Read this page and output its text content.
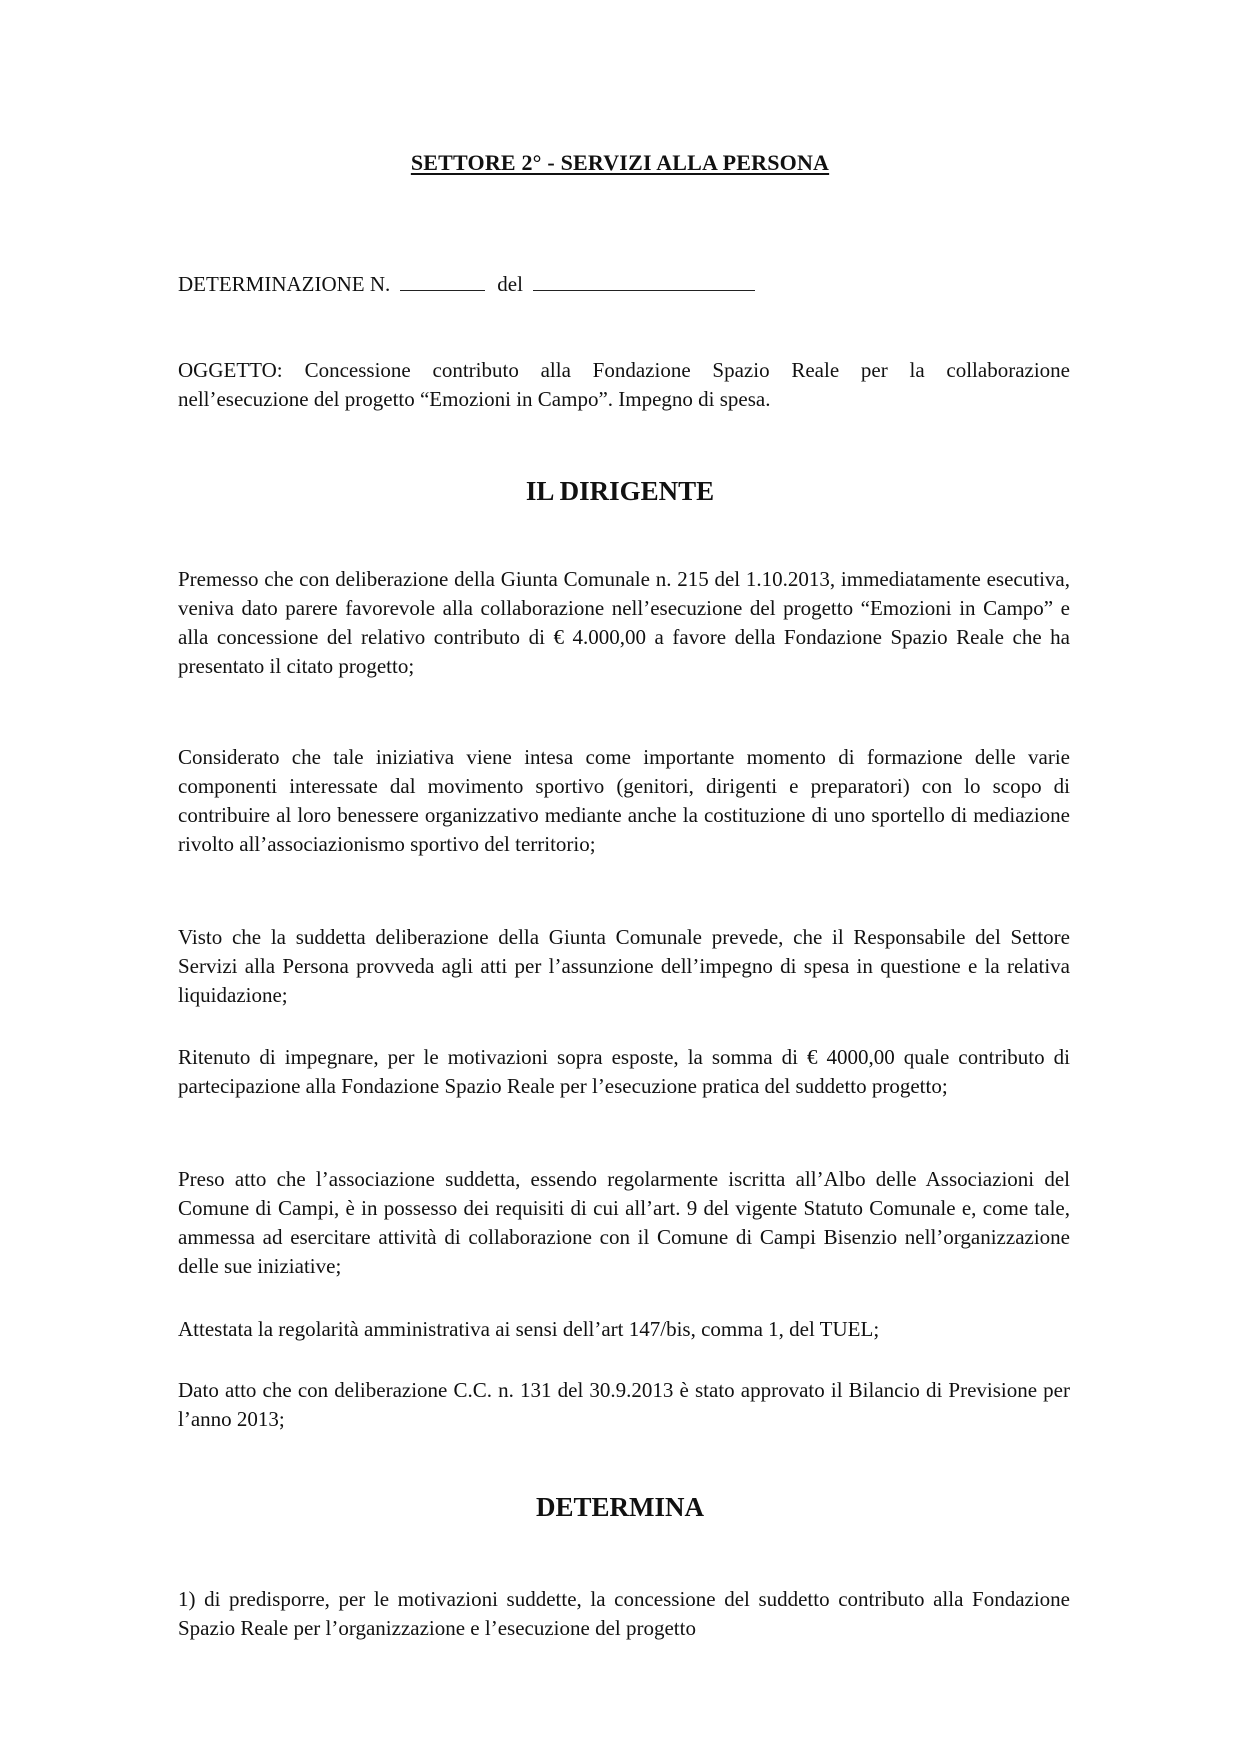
SETTORE 2° - SERVIZI ALLA PERSONA
DETERMINAZIONE N.	del
OGGETTO: Concessione contributo alla Fondazione Spazio Reale per la collaborazione nell’esecuzione del progetto “Emozioni in Campo”. Impegno di spesa.
IL DIRIGENTE
Premesso che con deliberazione della Giunta Comunale n. 215 del 1.10.2013, immediatamente esecutiva, veniva dato parere favorevole alla collaborazione nell’esecuzione del progetto “Emozioni in Campo” e alla concessione del relativo contributo di € 4.000,00 a favore della Fondazione Spazio Reale che ha presentato il citato progetto;
Considerato che tale iniziativa viene intesa come importante momento di formazione delle varie componenti interessate dal movimento sportivo (genitori, dirigenti e preparatori) con lo scopo di contribuire al loro benessere organizzativo mediante anche la costituzione di uno sportello di mediazione rivolto all’associazionismo sportivo del territorio;
Visto che la suddetta deliberazione della Giunta Comunale prevede, che il Responsabile del Settore Servizi alla Persona provveda agli atti per l’assunzione dell’impegno di spesa in questione e la relativa liquidazione;
Ritenuto di impegnare, per le motivazioni sopra esposte, la somma di € 4000,00 quale contributo di partecipazione alla Fondazione Spazio Reale per l’esecuzione pratica del suddetto progetto;
Preso atto che l’associazione suddetta, essendo regolarmente iscritta all’Albo delle Associazioni del Comune di Campi, è in possesso dei requisiti di cui all’art. 9 del vigente Statuto Comunale e, come tale, ammessa ad esercitare attività di collaborazione con il Comune di Campi Bisenzio nell’organizzazione delle sue iniziative;
Attestata la regolarità amministrativa ai sensi dell’art 147/bis, comma 1, del TUEL;
Dato atto che con deliberazione C.C. n. 131 del 30.9.2013 è stato approvato il Bilancio di Previsione per l’anno 2013;
DETERMINA
1) di predisporre, per le motivazioni suddette, la concessione del suddetto contributo alla Fondazione Spazio Reale per l’organizzazione e l’esecuzione del progetto
